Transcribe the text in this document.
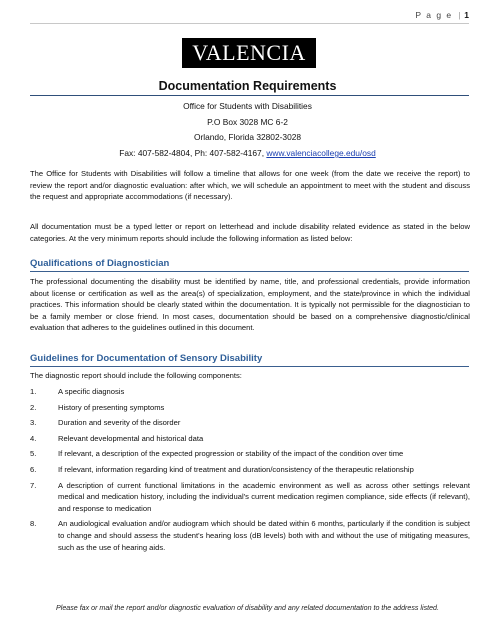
P a g e | 1
VALENCIA
Documentation Requirements
Office for Students with Disabilities
P.O Box 3028 MC 6-2
Orlando, Florida 32802-3028
Fax: 407-582-4804, Ph: 407-582-4167, www.valenciacollege.edu/osd
The Office for Students with Disabilities will follow a timeline that allows for one week (from the date we receive the report) to review the report and/or diagnostic evaluation: after which, we will schedule an appointment to meet with the student and discuss the request and appropriate accommodations (if necessary).
All documentation must be a typed letter or report on letterhead and include disability related evidence as stated in the below categories. At the very minimum reports should include the following information as listed below:
Qualifications of Diagnostician
The professional documenting the disability must be identified by name, title, and professional credentials, provide information about license or certification as well as the area(s) of specialization, employment, and the state/province in which the individual practices. This information should be clearly stated within the documentation. It is typically not permissible for the diagnostician to be a family member or close friend. In most cases, documentation should be based on a comprehensive diagnostic/clinical evaluation that adheres to the guidelines outlined in this document.
Guidelines for Documentation of Sensory Disability
The diagnostic report should include the following components:
1.	A specific diagnosis
2.	History of presenting symptoms
3.	Duration and severity of the disorder
4.	Relevant developmental and historical data
5.	If relevant, a description of the expected progression or stability of the impact of the condition over time
6.	If relevant, information regarding kind of treatment and duration/consistency of the therapeutic relationship
7.	A description of current functional limitations in the academic environment as well as across other settings relevant medical and medication history, including the individual's current medication regimen compliance, side effects (if relevant), and response to medication
8.	An audiological evaluation and/or audiogram which should be dated within 6 months, particularly if the condition is subject to change and should assess the student's hearing loss (dB levels) both with and without the use of mitigating measures, such as the use of hearing aids.
Please fax or mail the report and/or diagnostic evaluation of disability and any related documentation to the address listed.
